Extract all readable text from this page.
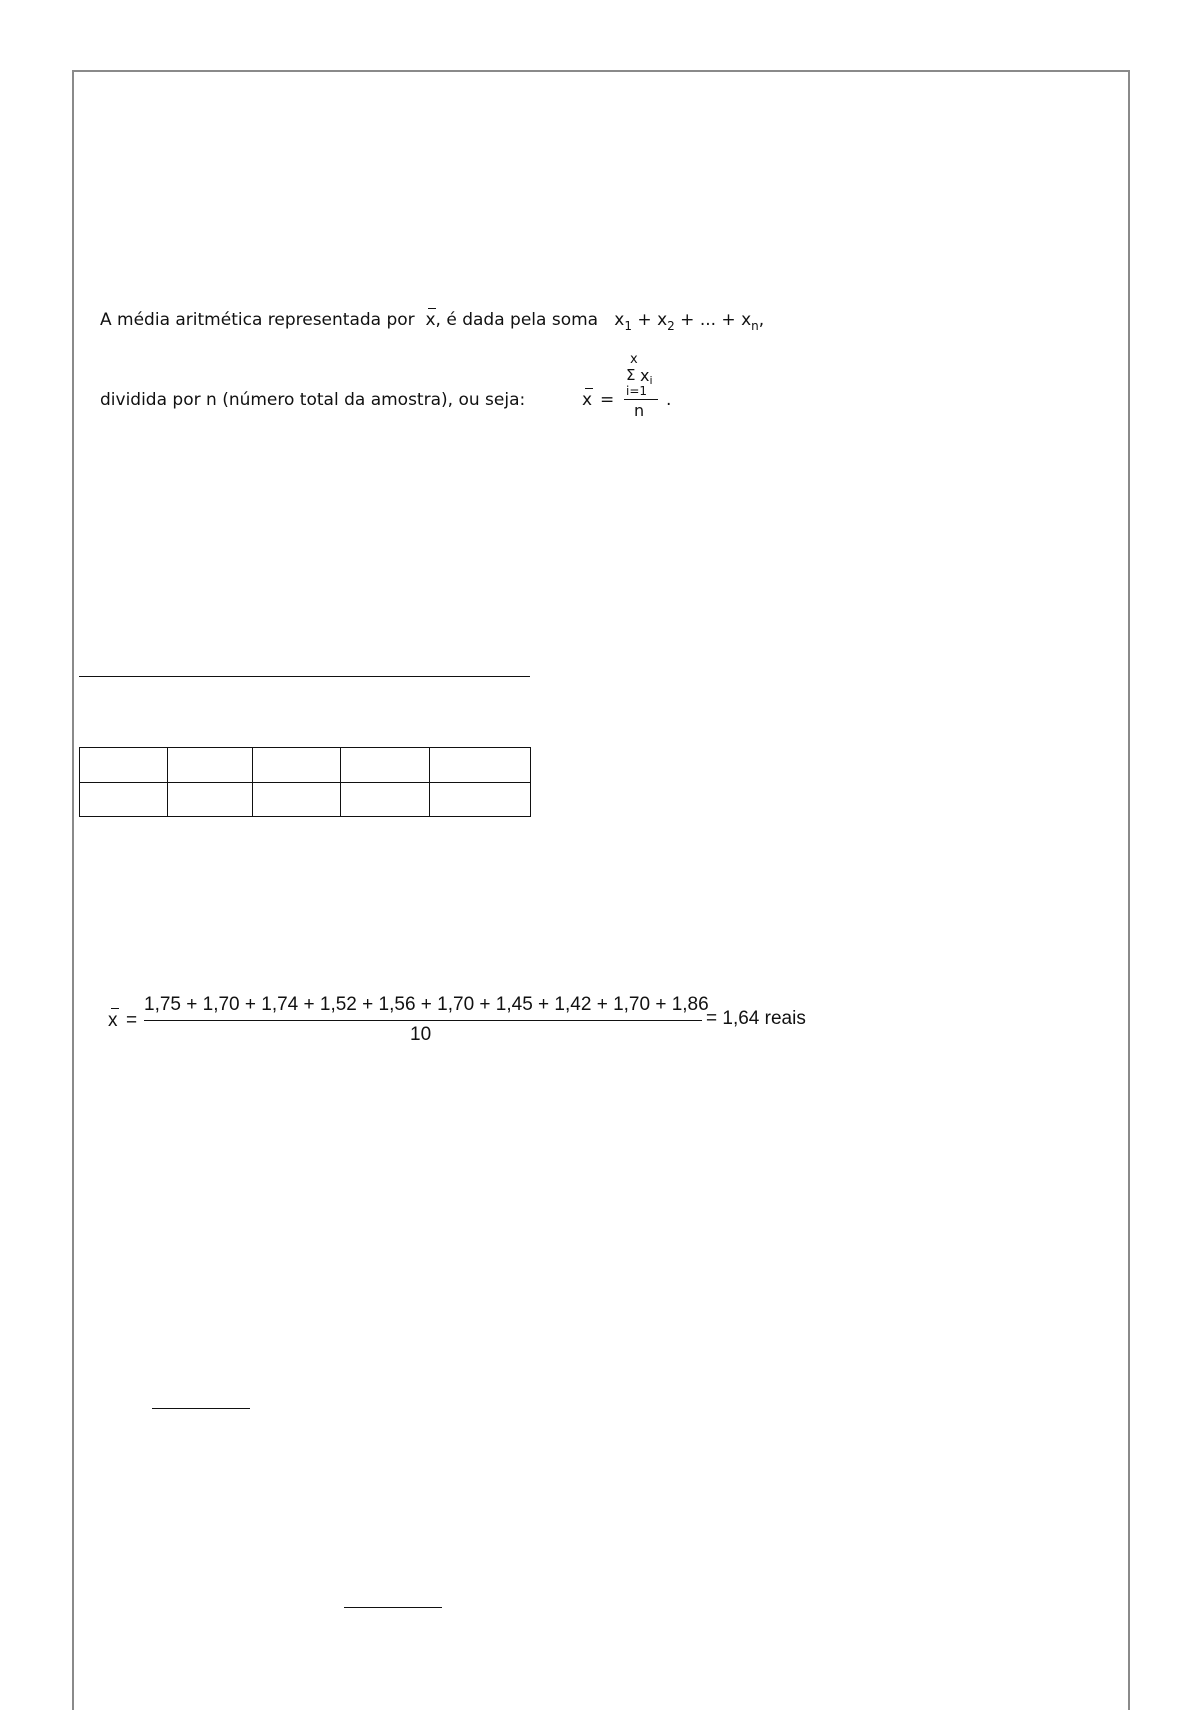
A média aritmética representada por x, é dada pela soma $x_1 + x_2$ + ... + $x_n$,
dividida por n (número total da amostra), ou seja:	x =
x
Σ xi
i=1
n
.

x =
1,75 + 1,70 + 1,74 + 1,52 + 1,56 + 1,70 + 1,45 + 1,42 + 1,70 + 1,86
10
= 1,64 reais
